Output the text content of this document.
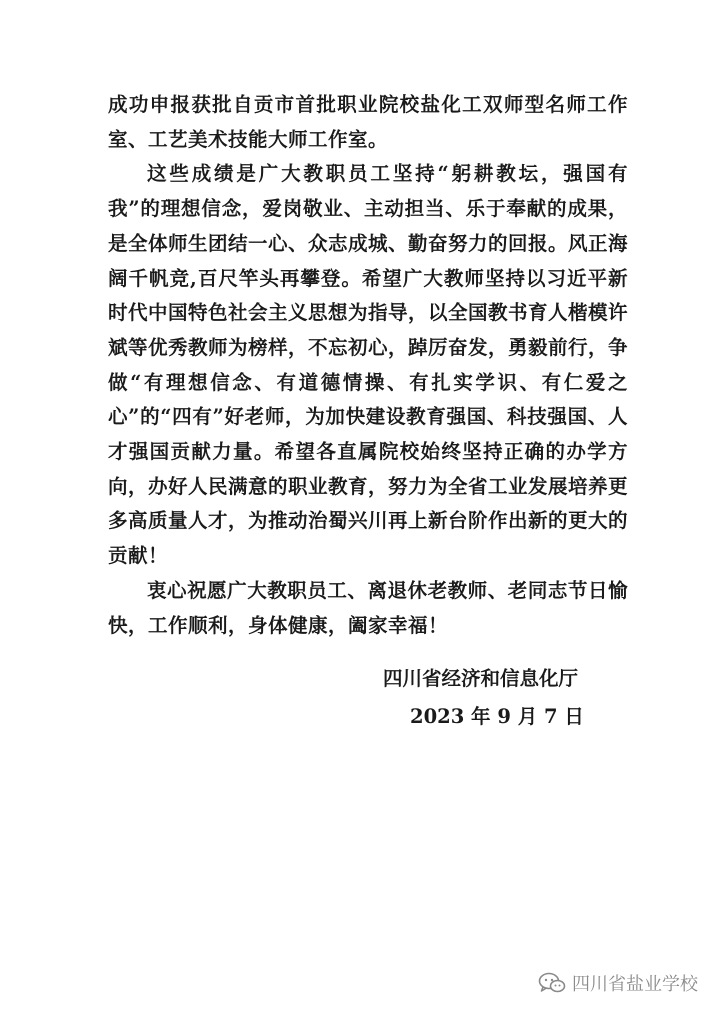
成功申报获批自贡市首批职业院校盐化工双师型名师工作室、工艺美术技能大师工作室。

这些成绩是广大教职员工坚持“躬耕教坛，强国有我”的理想信念，爱岗敬业、主动担当、乐于奉献的成果，是全体师生团结一心、众志成城、勤奋努力的回报。风正海阔千帆竞,百尺竿头再攀登。希望广大教师坚持以习近平新时代中国特色社会主义思想为指导，以全国教书育人楷模许斌等优秀教师为榜样，不忘初心，踔厉奋发，勇毅前行，争做“有理想信念、有道德情操、有扎实学识、有仁爱之心”的“四有”好老师，为加快建设教育强国、科技强国、人才强国贡献力量。希望各直属院校始终坚持正确的办学方向，办好人民满意的职业教育，努力为全省工业发展培养更多高质量人才，为推动治蜀兴川再上新台阶作出新的更大的贡献！

衷心祝愿广大教职员工、离退休老教师、老同志节日愉快，工作顺利，身体健康，阖家幸福！

四川省经济和信息化厅
2023 年 9 月 7 日
四川省盐业学校
